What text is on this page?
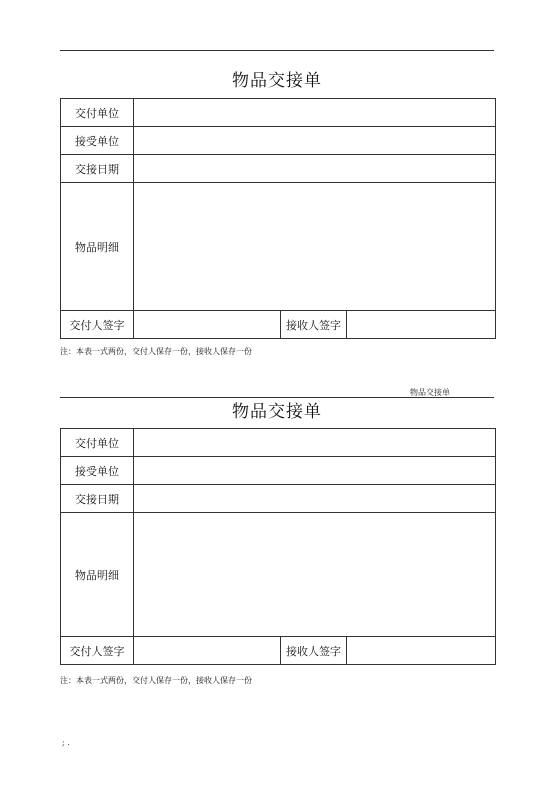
物品交接单
交付单位			
接受单位			
交接日期			
物品明细			
交付人签字		接收人签字	
注：本表一式两份，交付人保存一份，接收人保存一份
物品交接单
物品交接单
交付单位			
接受单位			
交接日期			
物品明细			
交付人签字		接收人签字	
注：本表一式两份，交付人保存一份，接收人保存一份
; .
